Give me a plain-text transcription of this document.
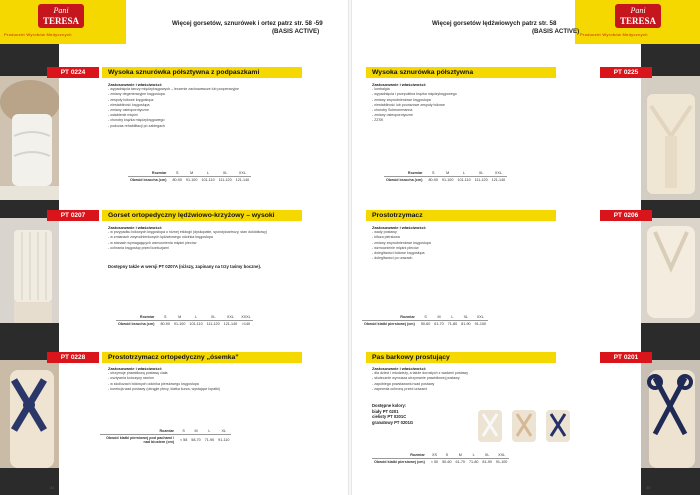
Pani
TERESA
Producent Wyrobów Medycznych
Pani
TERESA
Producent Wyrobów Medycznych
Więcej gorsetów, sznurówek i ortez patrz str. 58 -59
(BASIS ACTIVE)
Więcej gorsetów lędźwiowych patrz str. 58
(BASIS ACTIVE)
PT 0224	Wysoka sznurówka półsztywna z podpaszkami
Zastosowanie i właściwości:
- wypadnięcia tarczy międzykręgowych – leczenie zachowawcze lub pooperacyjne
- zmiany degeneracyjne kręgosłupa
- zespoły bólowe kręgosłupa
- niestabilność kręgosłupa
- zmiany osteoporotyczne
- osłabienie mięśni
- choroby krążka międzykręgowego
- podczas rehabilitacji po zabiegach
Rozmiar	S	M	L	XL	XXL
Obwód brzucha (cm)	80-90	91-100	101-110	111-120	121-140
PT 0207	Gorset ortopedyczny lędźwiowo-krzyżowy – wysoki
Zastosowanie i właściwości:
- w przypadku bólowych kręgosłupa o różnej etiologii (dyskopatie, spondyloartrozy, stan doklatkowy)
- w zmianach zwyrodnieniowych lędźwiowego odcinka kręgosłupa
- w stanach wymagających wzmocnienia mięśni pleców
- ochrania kręgosłup przed kontuzjami
Dostępny także w wersji PT 0207A (niższy, zapinany na trzy taśmy boczne).
Rozmiar	S	M	L	XL	XXL	XXXL
Obwód brzucha (cm)	80-90	91-100	101-110	111-120	121-140	>140
PT 0228	Prostotrzymacz ortopedyczny „ósemka”
Zastosowanie i właściwości:
- utrzymuje prawidłową postawę ciała
- usztywnia kończyny ramion
- w skoliozach bólowych odcinka piersiowego kręgosłupa
- korekcja wad postawy (okrągłe plecy, klatka kurza, wystające łopatki)
Rozmiar	S	M	L	XL
Obwód klatki piersiowej pod pachami / nad biustem (cm)	< 58	58-70	71-90	91-110
34
PT 0225
Wysoka sznurówka półsztywna
Zastosowanie i właściwości:
- lumbalgia
- wypadnięcia i przepuklina krążka międzykręgowego
- zmiany zwyrodnieniowe kręgosłupa
- niestabilność lub pourazowe zespoły bólowe
- choroby Scheuermanna
- zmiany osteoporotyczne
- ZZSK
Rozmiar	S	M	L	XL	XXL
Obwód brzucha (cm)	80-90	91-100	101-110	111-120	121-140
PT 0206
Prostotrzymacz
Zastosowanie i właściwości:
- wady postawy
- kifoza piersiowa
- zmiany zwyrodnieniowe kręgosłupa
- wzmocnienie mięśni pleców
- dolegliwości bólowe kręgosłupa
- dolegliwości po urazach
Rozmiar	S	M	L	XL	XXL
Obwód klatki piersiowej (cm)	50-60	61-70	71-80	81-90	91-100
PT 0201
Pas barkowy prostujący
Zastosowanie i właściwości:
- dla dzieci i młodzieży, a także dorosłych z wadami postawy
- skutecznie wymusza utrzymanie prawidłowej postawy
- zapobiega powstawaniu wad postawy
- zapewnia ochronę przed urazami
Dostępne kolory:
biały PT 0201
cielisty PT 0201C
granatowy PT 0201G
Rozmiar	XS	S	M	L	XL	XXL
Obwód klatki piersiowej (cm)	< 50	50-60	61-70	71-80	81-90	91-100
35
